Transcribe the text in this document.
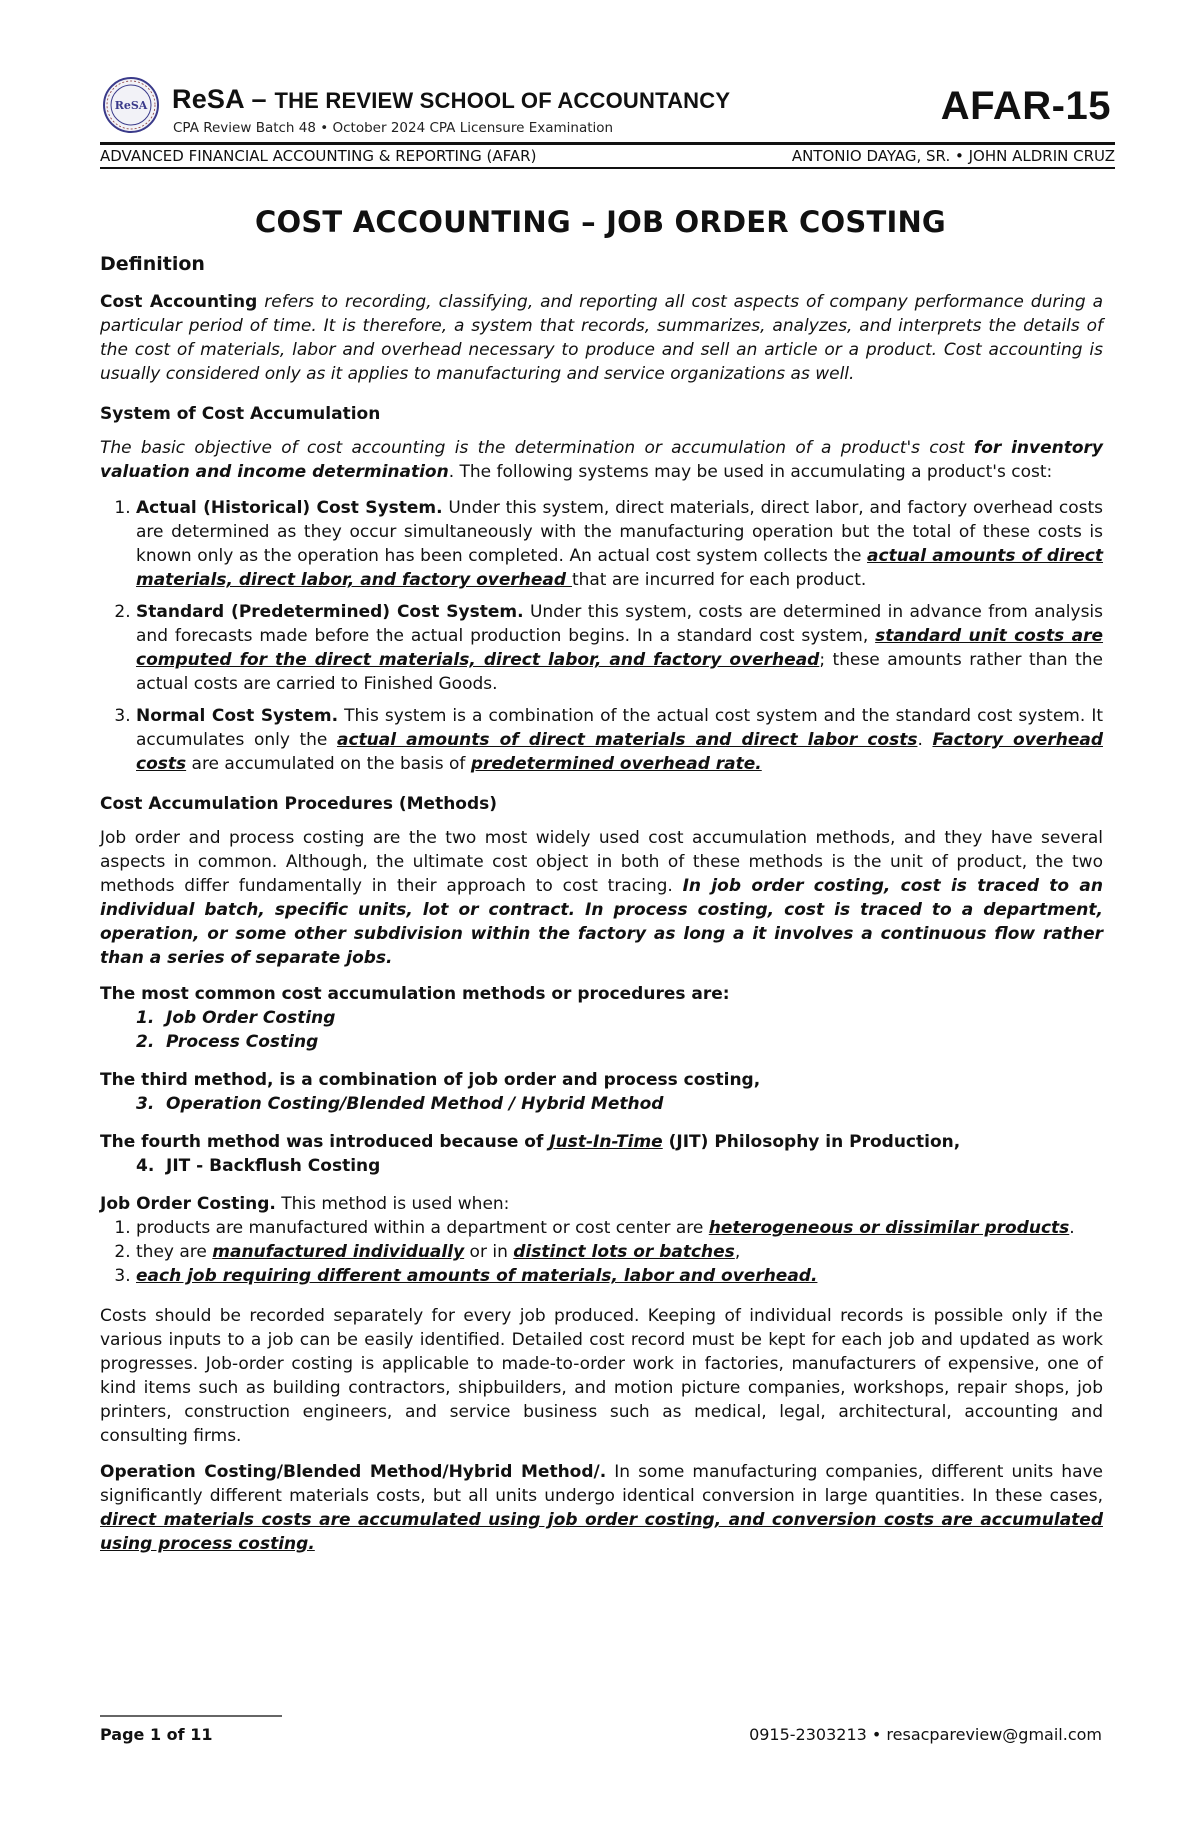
ReSA ReSA – THE REVIEW SCHOOL OF ACCOUNTANCY
CPA Review Batch 48 • October 2024 CPA Licensure Examination	AFAR-15
ADVANCED FINANCIAL ACCOUNTING & REPORTING (AFAR)	ANTONIO DAYAG, SR. • JOHN ALDRIN CRUZ
COST ACCOUNTING – JOB ORDER COSTING
Definition

Cost Accounting refers to recording, classifying, and reporting all cost aspects of company performance during a particular period of time. It is therefore, a system that records, summarizes, analyzes, and interprets the details of the cost of materials, labor and overhead necessary to produce and sell an article or a product. Cost accounting is usually considered only as it applies to manufacturing and service organizations as well.

System of Cost Accumulation

The basic objective of cost accounting is the determination or accumulation of a product's cost for inventory valuation and income determination. The following systems may be used in accumulating a product's cost:

1. Actual (Historical) Cost System. Under this system, direct materials, direct labor, and factory overhead costs are determined as they occur simultaneously with the manufacturing operation but the total of these costs is known only as the operation has been completed. An actual cost system collects the actual amounts of direct materials, direct labor, and factory overhead that are incurred for each product.
2. Standard (Predetermined) Cost System. Under this system, costs are determined in advance from analysis and forecasts made before the actual production begins. In a standard cost system, standard unit costs are computed for the direct materials, direct labor, and factory overhead; these amounts rather than the actual costs are carried to Finished Goods.
3. Normal Cost System. This system is a combination of the actual cost system and the standard cost system. It accumulates only the actual amounts of direct materials and direct labor costs. Factory overhead costs are accumulated on the basis of predetermined overhead rate.
Cost Accumulation Procedures (Methods)

Job order and process costing are the two most widely used cost accumulation methods, and they have several aspects in common. Although, the ultimate cost object in both of these methods is the unit of product, the two methods differ fundamentally in their approach to cost tracing. In job order costing, cost is traced to an individual batch, specific units, lot or contract. In process costing, cost is traced to a department, operation, or some other subdivision within the factory as long a it involves a continuous flow rather than a series of separate jobs.

The most common cost accumulation methods or procedures are:
1. Job Order Costing
2. Process Costing
The third method, is a combination of job order and process costing,
3. Operation Costing/Blended Method / Hybrid Method
The fourth method was introduced because of Just-In-Time (JIT) Philosophy in Production,
4. JIT - Backflush Costing
Job Order Costing. This method is used when:
1. products are manufactured within a department or cost center are heterogeneous or dissimilar products.
2. they are manufactured individually or in distinct lots or batches,
3. each job requiring different amounts of materials, labor and overhead.

Costs should be recorded separately for every job produced. Keeping of individual records is possible only if the various inputs to a job can be easily identified. Detailed cost record must be kept for each job and updated as work progresses. Job-order costing is applicable to made-to-order work in factories, manufacturers of expensive, one of kind items such as building contractors, shipbuilders, and motion picture companies, workshops, repair shops, job printers, construction engineers, and service business such as medical, legal, architectural, accounting and consulting firms.

Operation Costing/Blended Method/Hybrid Method/. In some manufacturing companies, different units have significantly different materials costs, but all units undergo identical conversion in large quantities. In these cases, direct materials costs are accumulated using job order costing, and conversion costs are accumulated using process costing.

Page 1 of 11	0915-2303213 • resacpareview@gmail.com
